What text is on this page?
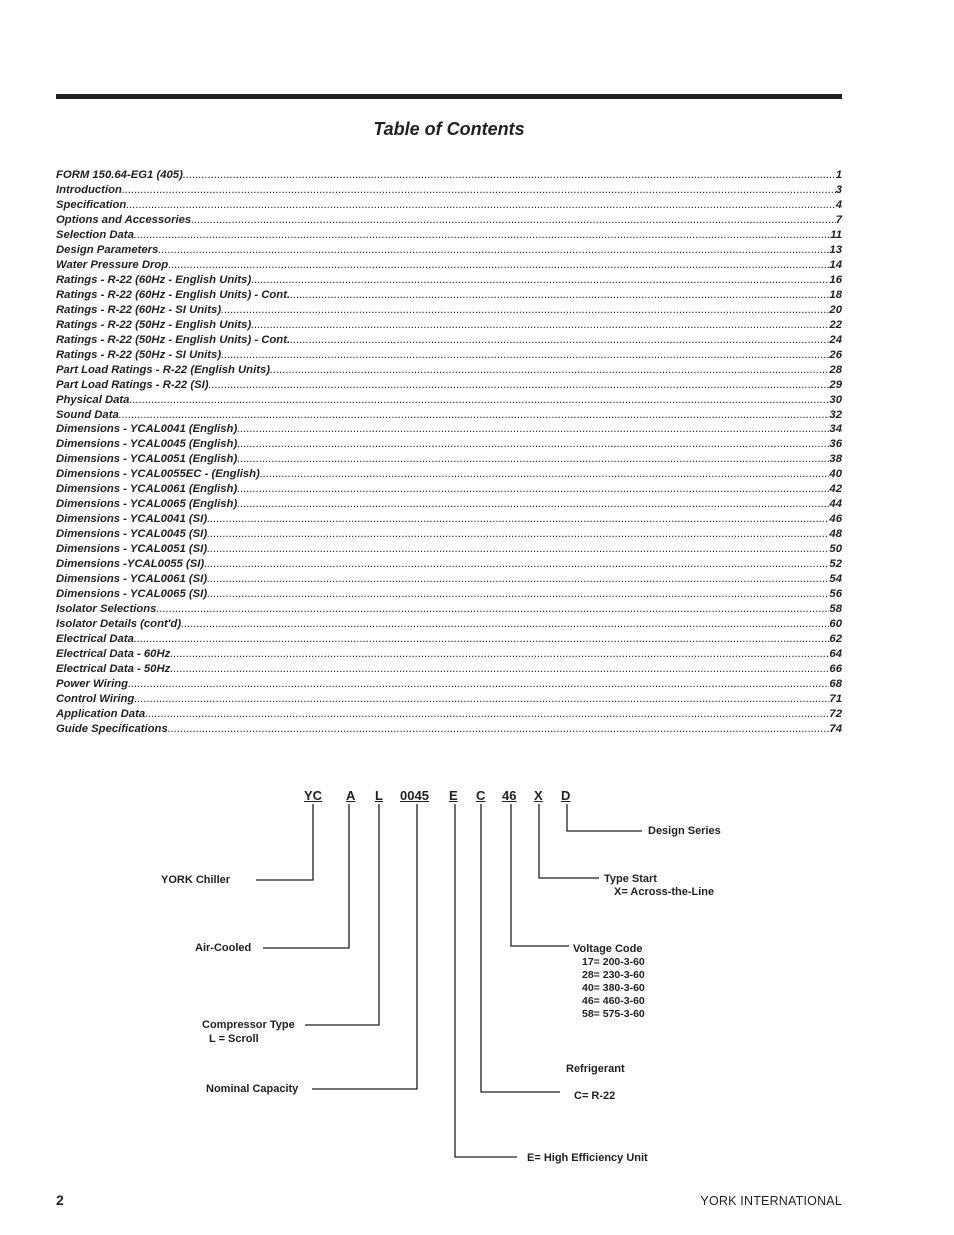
Table of Contents
FORM 150.64-EG1 (405) .....	1
Introduction .....	3
Specification .....	4
Options and Accessories .....	7
Selection Data .....	11
Design Parameters .....	13
Water Pressure Drop .....	14
Ratings - R-22 (60Hz - English Units) .....	16
Ratings - R-22 (60Hz - English Units) - Cont. .....	18
Ratings - R-22 (60Hz - SI Units) .....	20
Ratings - R-22 (50Hz - English Units) .....	22
Ratings - R-22 (50Hz - English Units) - Cont. .....	24
Ratings - R-22 (50Hz - SI Units) .....	26
Part Load Ratings - R-22 (English Units) .....	28
Part Load Ratings - R-22 (SI) .....	29
Physical Data .....	30
Sound Data .....	32
Dimensions - YCAL0041 (English) .....	34
Dimensions - YCAL0045 (English) .....	36
Dimensions - YCAL0051 (English) .....	38
Dimensions - YCAL0055EC - (English) .....	40
Dimensions - YCAL0061 (English) .....	42
Dimensions - YCAL0065 (English) .....	44
Dimensions - YCAL0041 (SI) .....	46
Dimensions - YCAL0045 (SI) .....	48
Dimensions - YCAL0051 (SI) .....	50
Dimensions -YCAL0055 (SI) .....	52
Dimensions - YCAL0061 (SI) .....	54
Dimensions - YCAL0065 (SI) .....	56
Isolator Selections .....	58
Isolator Details (cont'd) .....	60
Electrical Data .....	62
Electrical Data - 60Hz .....	64
Electrical Data - 50Hz .....	66
Power Wiring .....	68
Control Wiring .....	71
Application Data .....	72
Guide Specifications .....	74
YC A L 0045 E C 46 X D
YORK Chiller
Air-Cooled
Compressor Type
L = Scroll
Nominal Capacity
Design Series
Type Start
X= Across-the-Line
Voltage Code
17= 200-3-60
28= 230-3-60
40= 380-3-60
46= 460-3-60
58= 575-3-60
Refrigerant
C= R-22
E= High Efficiency Unit
2	YORK INTERNATIONAL
